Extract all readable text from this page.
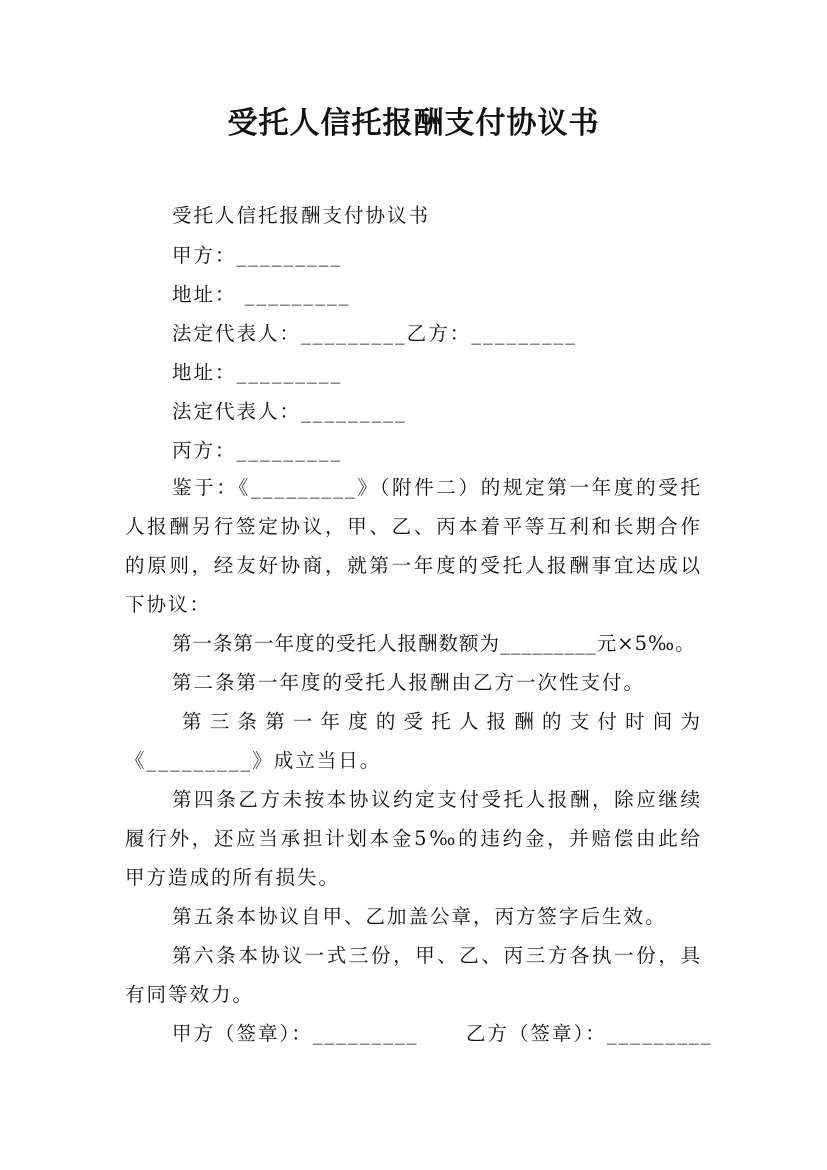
受托人信托报酬支付协议书
受托人信托报酬支付协议书
甲方：_________
地址： _________
法定代表人：_________乙方：_________
地址：_________
法定代表人：_________
丙方：_________
鉴于：《_________》（附件二）的规定第一年度的受托
人报酬另行签定协议，甲、乙、丙本着平等互利和长期合作
的原则，经友好协商，就第一年度的受托人报酬事宜达成以
下协议：
第一条第一年度的受托人报酬数额为_________元×5‰。
第二条第一年度的受托人报酬由乙方一次性支付。
第三条第一年度的受托人报酬的支付时间为
《_________》成立当日。
第四条乙方未按本协议约定支付受托人报酬，除应继续
履行外，还应当承担计划本金5‰的违约金，并赔偿由此给
甲方造成的所有损失。
第五条本协议自甲、乙加盖公章，丙方签字后生效。
第六条本协议一式三份，甲、乙、丙三方各执一份，具
有同等效力。
甲方（签章）：_________ 乙方（签章）：_________
